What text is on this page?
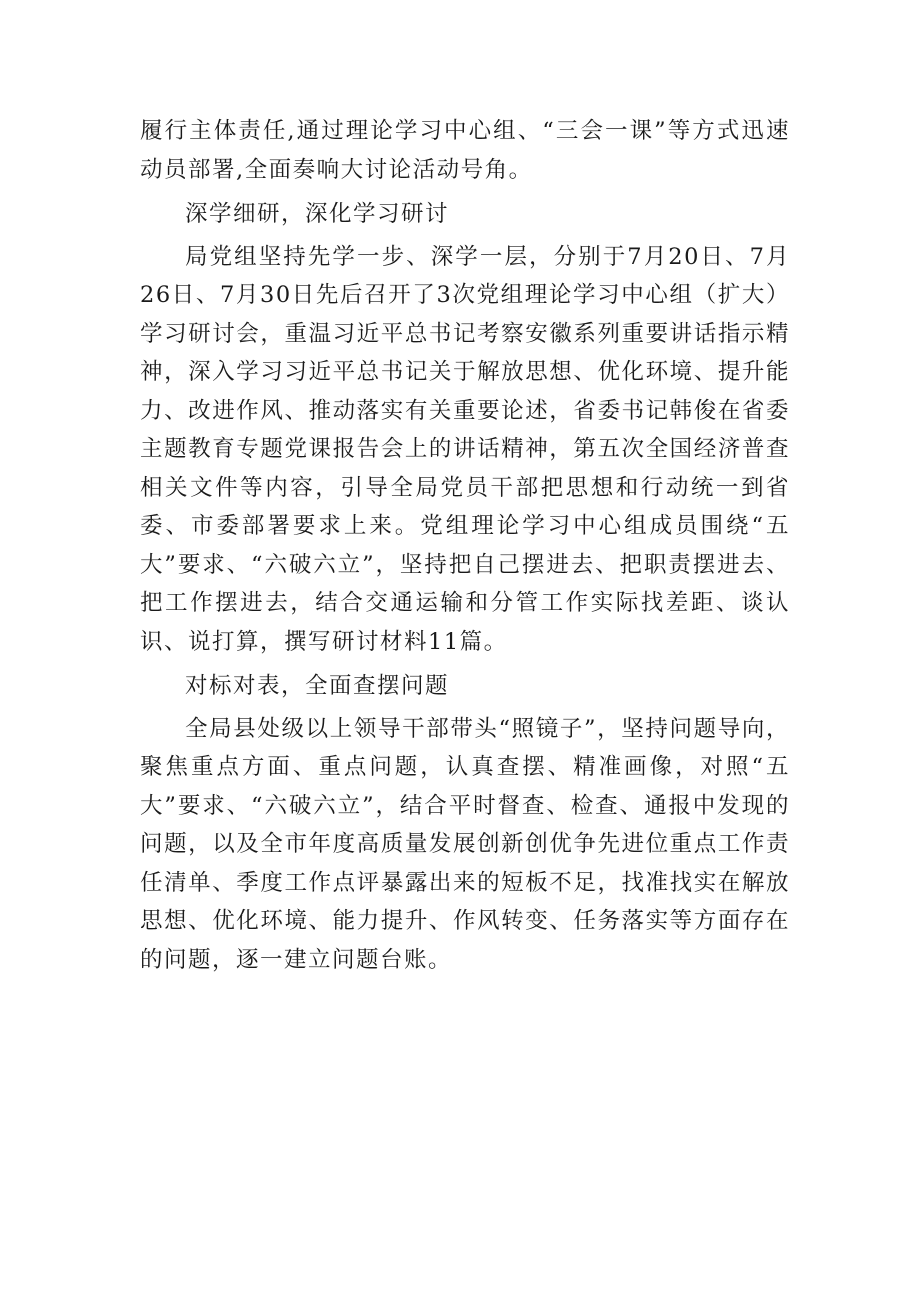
履行主体责任,通过理论学习中心组、“三会一课”等方式迅速动员部署,全面奏响大讨论活动号角。

深学细研，深化学习研讨

局党组坚持先学一步、深学一层，分别于7月20日、7月26日、7月30日先后召开了3次党组理论学习中心组（扩大）学习研讨会，重温习近平总书记考察安徽系列重要讲话指示精神，深入学习习近平总书记关于解放思想、优化环境、提升能力、改进作风、推动落实有关重要论述，省委书记韩俊在省委主题教育专题党课报告会上的讲话精神，第五次全国经济普查相关文件等内容，引导全局党员干部把思想和行动统一到省委、市委部署要求上来。党组理论学习中心组成员围绕“五大”要求、“六破六立”，坚持把自己摆进去、把职责摆进去、把工作摆进去，结合交通运输和分管工作实际找差距、谈认识、说打算，撰写研讨材料11篇。

对标对表，全面查摆问题

全局县处级以上领导干部带头“照镜子”，坚持问题导向，聚焦重点方面、重点问题，认真查摆、精准画像，对照“五大”要求、“六破六立”，结合平时督查、检查、通报中发现的问题，以及全市年度高质量发展创新创优争先进位重点工作责任清单、季度工作点评暴露出来的短板不足，找准找实在解放思想、优化环境、能力提升、作风转变、任务落实等方面存在的问题，逐一建立问题台账。
